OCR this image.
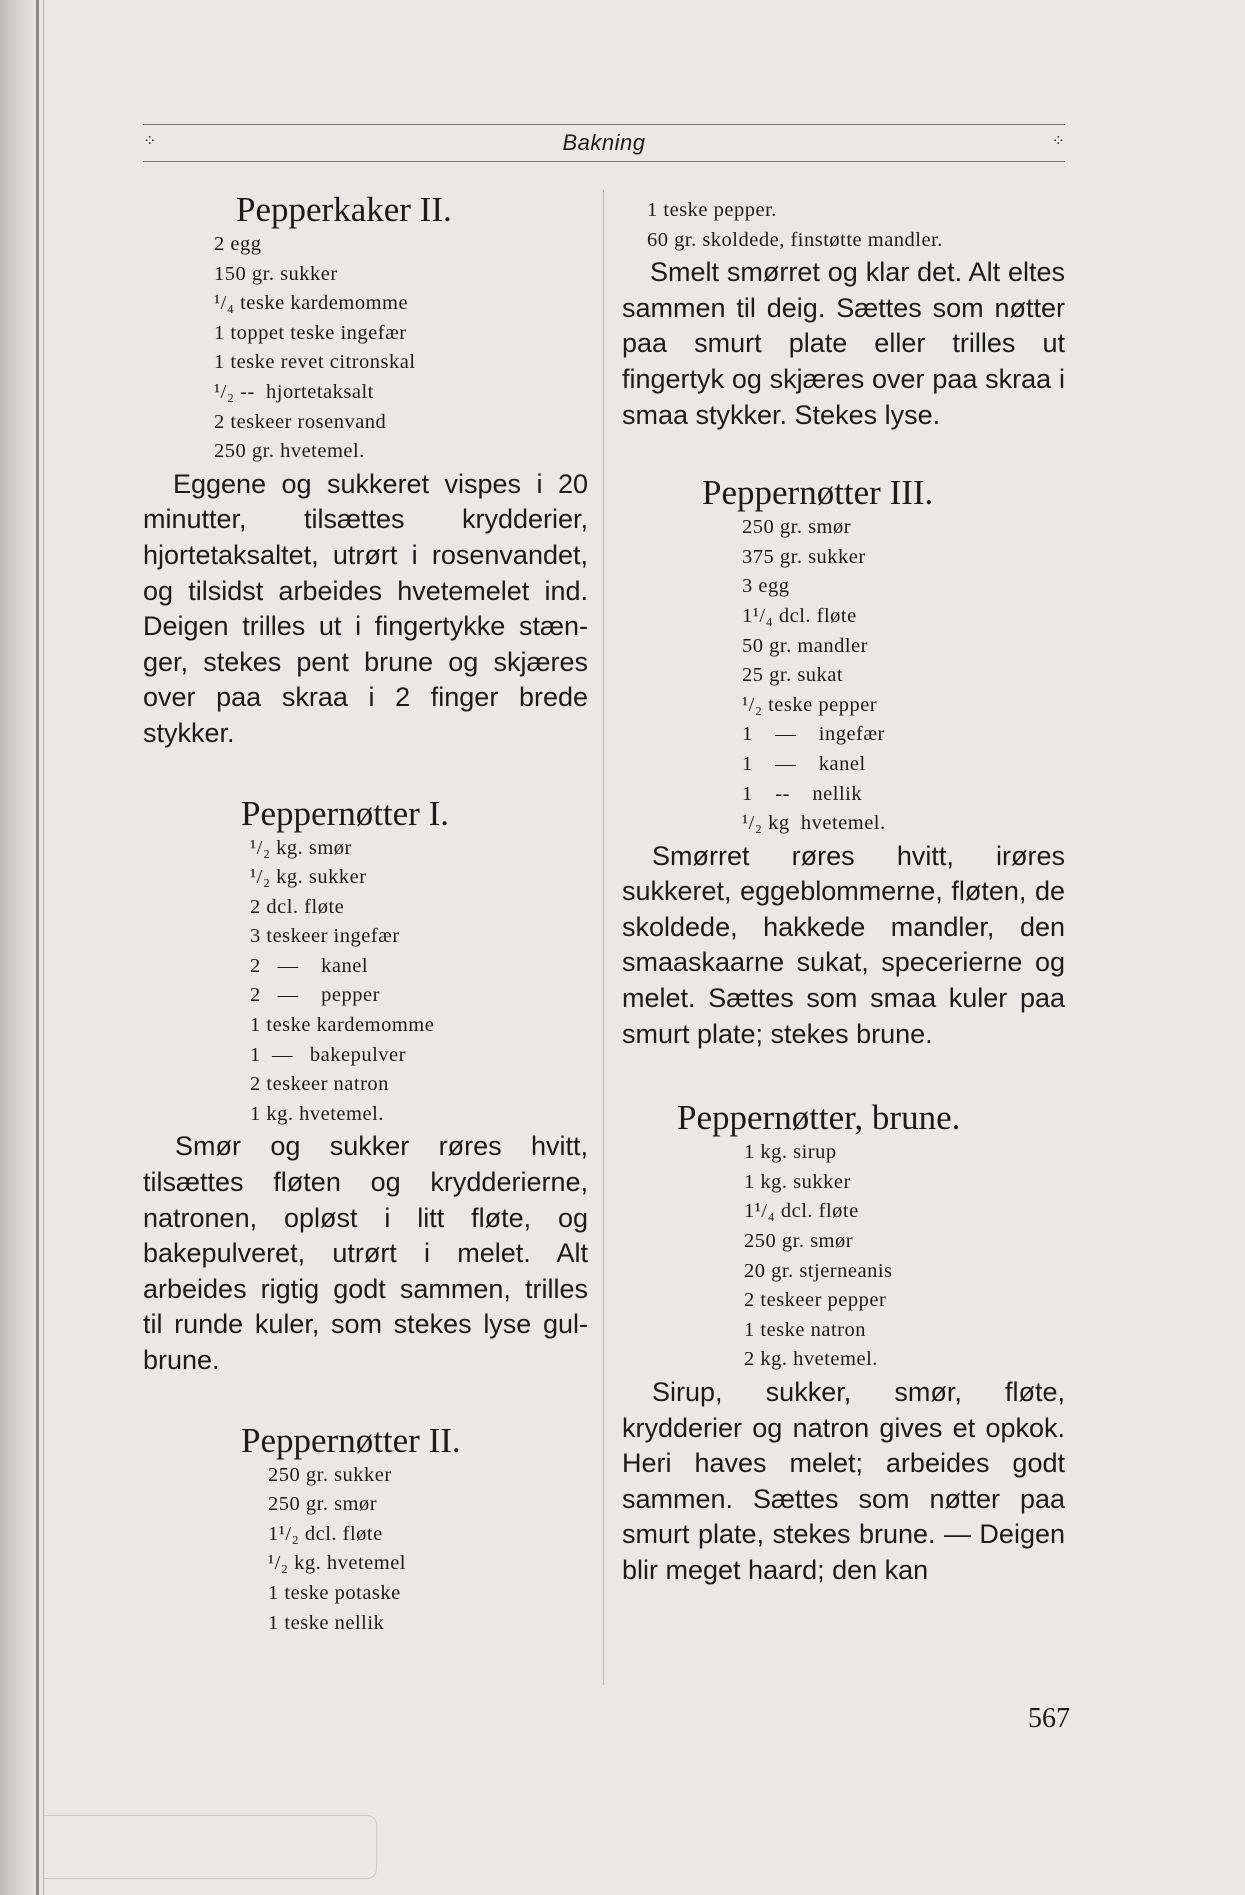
⁘	Bakning	⁘
Pepperkaker II.
2 egg
150 gr. sukker
¹/₄ teske kardemomme
1 toppet teske ingefær
1 teske revet citronskal
¹/₂ --  hjortetaksalt
2 teskeer rosenvand
250 gr. hvetemel.

Eggene og sukkeret vispes i 20 minutter, tilsættes krydderier, hjortetaksaltet, utrørt i rosenvandet, og tilsidst arbeides hvetemelet ind. Deigen trilles ut i fingertykke stænger, stekes pent brune og skjæres over paa skraa i 2 finger brede stykker.

Peppernøtter I.
¹/₂ kg. smør
¹/₂ kg. sukker
2 dcl. fløte
3 teskeer ingefær
2   —    kanel
2   —    pepper
1 teske kardemomme
1  —   bakepulver
2 teskeer natron
1 kg. hvetemel.

Smør og sukker røres hvitt, tilsættes fløten og krydderierne, natronen, opløst i litt fløte, og bakepulveret, utrørt i melet. Alt arbeides rigtig godt sammen, trilles til runde kuler, som stekes lyse gulbrune.

Peppernøtter II.
250 gr. sukker
250 gr. smør
1¹/₂ dcl. fløte
¹/₂ kg. hvetemel
1 teske potaske
1 teske nellik
1 teske pepper.
60 gr. skoldede, finstøtte mandler.

Smelt smørret og klar det. Alt eltes sammen til deig. Sættes som nøtter paa smurt plate eller trilles ut fingertyk og skjæres over paa skraa i smaa stykker. Stekes lyse.

Peppernøtter III.
250 gr. smør
375 gr. sukker
3 egg
1¹/₄ dcl. fløte
50 gr. mandler
25 gr. sukat
¹/₂ teske pepper
1    —    ingefær
1    —    kanel
1    --    nellik
¹/₂ kg  hvetemel.

Smørret røres hvitt, irøres sukkeret, eggeblommerne, fløten, de skoldede, hakkede mandler, den smaaskaarne sukat, specerierne og melet. Sættes som smaa kuler paa smurt plate; stekes brune.

Peppernøtter, brune.
1 kg. sirup
1 kg. sukker
1¹/₄ dcl. fløte
250 gr. smør
20 gr. stjerneanis
2 teskeer pepper
1 teske natron
2 kg. hvetemel.

Sirup, sukker, smør, fløte, krydderier og natron gives et opkok. Heri haves melet; arbeides godt sammen. Sættes som nøtter paa smurt plate, stekes brune. — Deigen blir meget haard; den kan

567
